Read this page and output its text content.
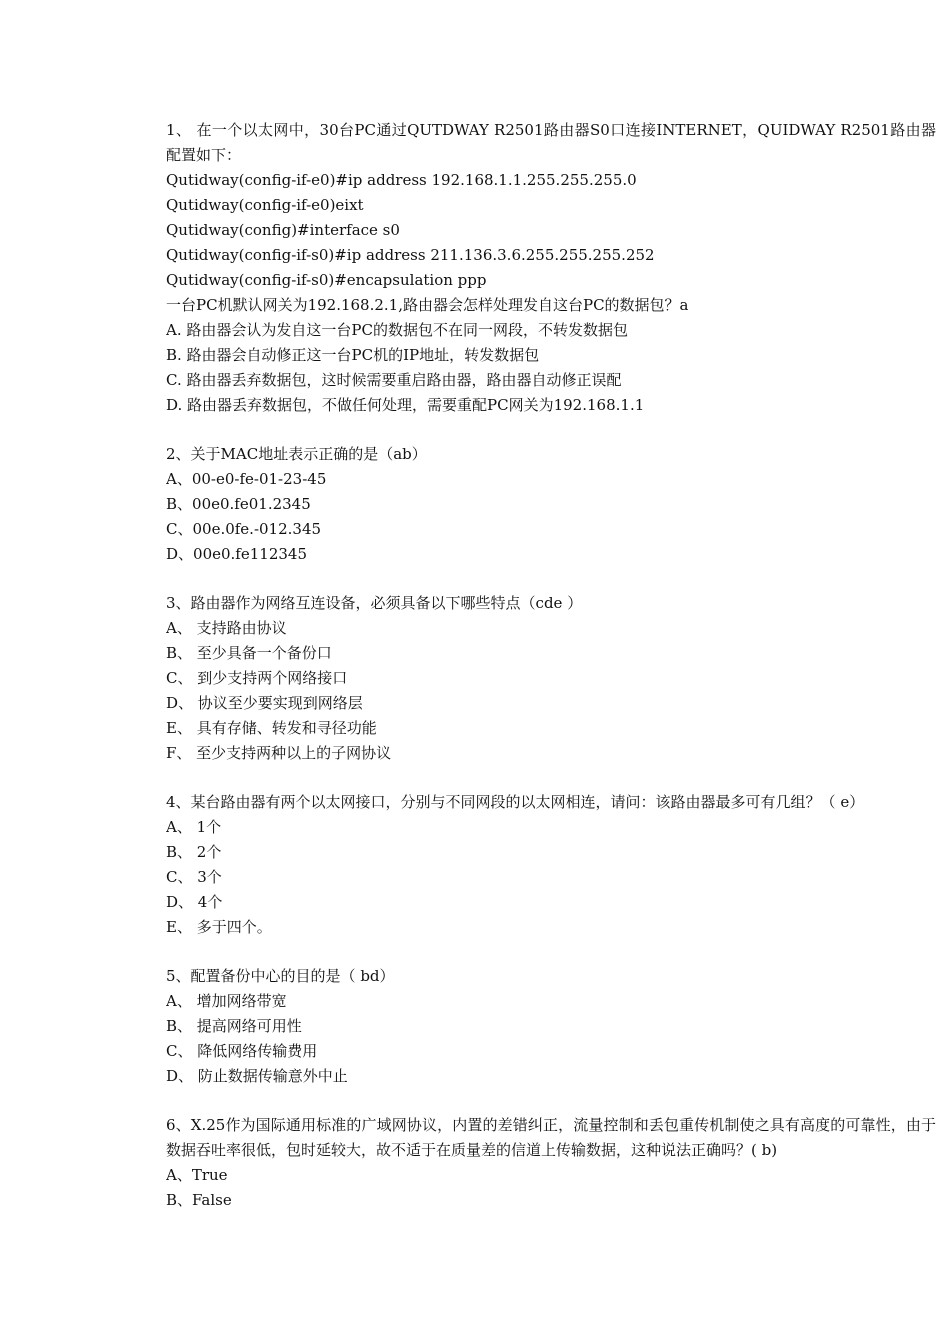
1、 在一个以太网中，30台PC通过QUTDWAY R2501路由器S0口连接INTERNET，QUIDWAY R2501路由器配置如下：
Qutidway(config-if-e0)#ip address 192.168.1.1.255.255.255.0
Qutidway(config-if-e0)eixt
Qutidway(config)#interface s0
Qutidway(config-if-s0)#ip address 211.136.3.6.255.255.255.252
Qutidway(config-if-s0)#encapsulation ppp
一台PC机默认网关为192.168.2.1,路由器会怎样处理发自这台PC的数据包？a
A. 路由器会认为发自这一台PC的数据包不在同一网段，不转发数据包
B. 路由器会自动修正这一台PC机的IP地址，转发数据包
C. 路由器丢弃数据包，这时候需要重启路由器，路由器自动修正误配
D. 路由器丢弃数据包，不做任何处理，需要重配PC网关为192.168.1.1
2、关于MAC地址表示正确的是（ab）
A、00-e0-fe-01-23-45
B、00e0.fe01.2345
C、00e.0fe.-012.345
D、00e0.fe112345
3、路由器作为网络互连设备，必须具备以下哪些特点（cde ）
A、 支持路由协议
B、 至少具备一个备份口
C、 到少支持两个网络接口
D、 协议至少要实现到网络层
E、 具有存储、转发和寻径功能
F、 至少支持两种以上的子网协议
4、某台路由器有两个以太网接口，分别与不同网段的以太网相连，请问：该路由器最多可有几组？（ e）
A、 1个
B、 2个
C、 3个
D、 4个
E、 多于四个。
5、配置备份中心的目的是（ bd）
A、 增加网络带宽
B、 提高网络可用性
C、 降低网络传输费用
D、 防止数据传输意外中止
6、X.25作为国际通用标准的广域网协议，内置的差错纠正，流量控制和丢包重传机制使之具有高度的可靠性，由于数据吞吐率很低，包时延较大，故不适于在质量差的信道上传输数据，这种说法正确吗？( b)
A、True
B、False
